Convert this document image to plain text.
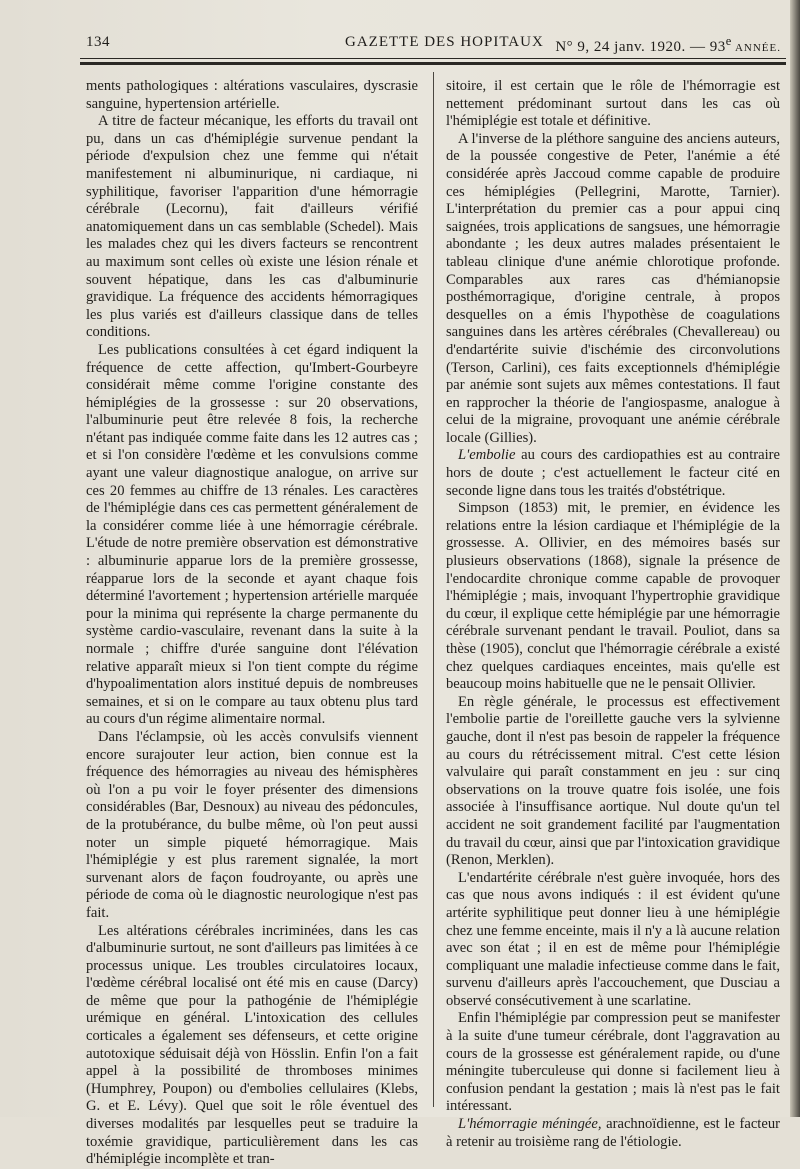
134	GAZETTE DES HOPITAUX N° 9, 24 janv. 1920. — 93e ANNÉE.

ments pathologiques : altérations vasculaires, dyscrasie sanguine, hypertension artérielle.

A titre de facteur mécanique, les efforts du travail ont pu, dans un cas d'hémiplégie survenue pendant la période d'expulsion chez une femme qui n'était manifestement ni albuminurique, ni cardiaque, ni syphilitique, favoriser l'apparition d'une hémorragie cérébrale (Lecornu), fait d'ailleurs vérifié anatomiquement dans un cas semblable (Schedel). Mais les malades chez qui les divers facteurs se rencontrent au maximum sont celles où existe une lésion rénale et souvent hépatique, dans les cas d'albuminurie gravidique. La fréquence des accidents hémorragiques les plus variés est d'ailleurs classique dans de telles conditions.

Les publications consultées à cet égard indiquent la fréquence de cette affection, qu'Imbert-Gourbeyre considérait même comme l'origine constante des hémiplégies de la grossesse : sur 20 observations, l'albuminurie peut être relevée 8 fois, la recherche n'étant pas indiquée comme faite dans les 12 autres cas ; et si l'on considère l'œdème et les convulsions comme ayant une valeur diagnostique analogue, on arrive sur ces 20 femmes au chiffre de 13 rénales. Les caractères de l'hémiplégie dans ces cas permettent généralement de la considérer comme liée à une hémorragie cérébrale. L'étude de notre première observation est démonstrative : albuminurie apparue lors de la première grossesse, réapparue lors de la seconde et ayant chaque fois déterminé l'avortement ; hypertension artérielle marquée pour la minima qui représente la charge permanente du système cardio-vasculaire, revenant dans la suite à la normale ; chiffre d'urée sanguine dont l'élévation relative apparaît mieux si l'on tient compte du régime d'hypoalimentation alors institué depuis de nombreuses semaines, et si on le compare au taux obtenu plus tard au cours d'un régime alimentaire normal.

Dans l'éclampsie, où les accès convulsifs viennent encore surajouter leur action, bien connue est la fréquence des hémorragies au niveau des hémisphères où l'on a pu voir le foyer présenter des dimensions considérables (Bar, Desnoux) au niveau des pédoncules, de la protubérance, du bulbe même, où l'on peut aussi noter un simple piqueté hémorragique. Mais l'hémiplégie y est plus rarement signalée, la mort survenant alors de façon foudroyante, ou après une période de coma où le diagnostic neurologique n'est pas fait.

Les altérations cérébrales incriminées, dans les cas d'albuminurie surtout, ne sont d'ailleurs pas limitées à ce processus unique. Les troubles circulatoires locaux, l'œdème cérébral localisé ont été mis en cause (Darcy) de même que pour la pathogénie de l'hémiplégie urémique en général. L'intoxication des cellules corticales a également ses défenseurs, et cette origine autotoxique séduisait déjà von Hösslin. Enfin l'on a fait appel à la possibilité de thromboses minimes (Humphrey, Poupon) ou d'embolies cellulaires (Klebs, G. et E. Lévy). Quel que soit le rôle éventuel des diverses modalités par lesquelles peut se traduire la toxémie gravidique, particulièrement dans les cas d'hémiplégie incomplète et tran-

sitoire, il est certain que le rôle de l'hémorragie est nettement prédominant surtout dans les cas où l'hémiplégie est totale et définitive.

A l'inverse de la pléthore sanguine des anciens auteurs, de la poussée congestive de Peter, l'anémie a été considérée après Jaccoud comme capable de produire ces hémiplégies (Pellegrini, Marotte, Tarnier). L'interprétation du premier cas a pour appui cinq saignées, trois applications de sangsues, une hémorragie abondante ; les deux autres malades présentaient le tableau clinique d'une anémie chlorotique profonde. Comparables aux rares cas d'hémianopsie posthémorragique, d'origine centrale, à propos desquelles on a émis l'hypothèse de coagulations sanguines dans les artères cérébrales (Chevallereau) ou d'endartérite suivie d'ischémie des circonvolutions (Terson, Carlini), ces faits exceptionnels d'hémiplégie par anémie sont sujets aux mêmes contestations. Il faut en rapprocher la théorie de l'angiospasme, analogue à celui de la migraine, provoquant une anémie cérébrale locale (Gillies).

L'embolie au cours des cardiopathies est au contraire hors de doute ; c'est actuellement le facteur cité en seconde ligne dans tous les traités d'obstétrique.

Simpson (1853) mit, le premier, en évidence les relations entre la lésion cardiaque et l'hémiplégie de la grossesse. A. Ollivier, en des mémoires basés sur plusieurs observations (1868), signale la présence de l'endocardite chronique comme capable de provoquer l'hémiplégie ; mais, invoquant l'hypertrophie gravidique du cœur, il explique cette hémiplégie par une hémorragie cérébrale survenant pendant le travail. Pouliot, dans sa thèse (1905), conclut que l'hémorragie cérébrale a existé chez quelques cardiaques enceintes, mais qu'elle est beaucoup moins habituelle que ne le pensait Ollivier.

En règle générale, le processus est effectivement l'embolie partie de l'oreillette gauche vers la sylvienne gauche, dont il n'est pas besoin de rappeler la fréquence au cours du rétrécissement mitral. C'est cette lésion valvulaire qui paraît constamment en jeu : sur cinq observations on la trouve quatre fois isolée, une fois associée à l'insuffisance aortique. Nul doute qu'un tel accident ne soit grandement facilité par l'augmentation du travail du cœur, ainsi que par l'intoxication gravidique (Renon, Merklen).

L'endartérite cérébrale n'est guère invoquée, hors des cas que nous avons indiqués : il est évident qu'une artérite syphilitique peut donner lieu à une hémiplégie chez une femme enceinte, mais il n'y a là aucune relation avec son état ; il en est de même pour l'hémiplégie compliquant une maladie infectieuse comme dans le fait, survenu d'ailleurs après l'accouchement, que Dusciau a observé consécutivement à une scarlatine.

Enfin l'hémiplégie par compression peut se manifester à la suite d'une tumeur cérébrale, dont l'aggravation au cours de la grossesse est généralement rapide, ou d'une méningite tuberculeuse qui donne si facilement lieu à confusion pendant la gestation ; mais là n'est pas le fait intéressant.

L'hémorragie méningée, arachnoïdienne, est le facteur à retenir au troisième rang de l'étiologie.
